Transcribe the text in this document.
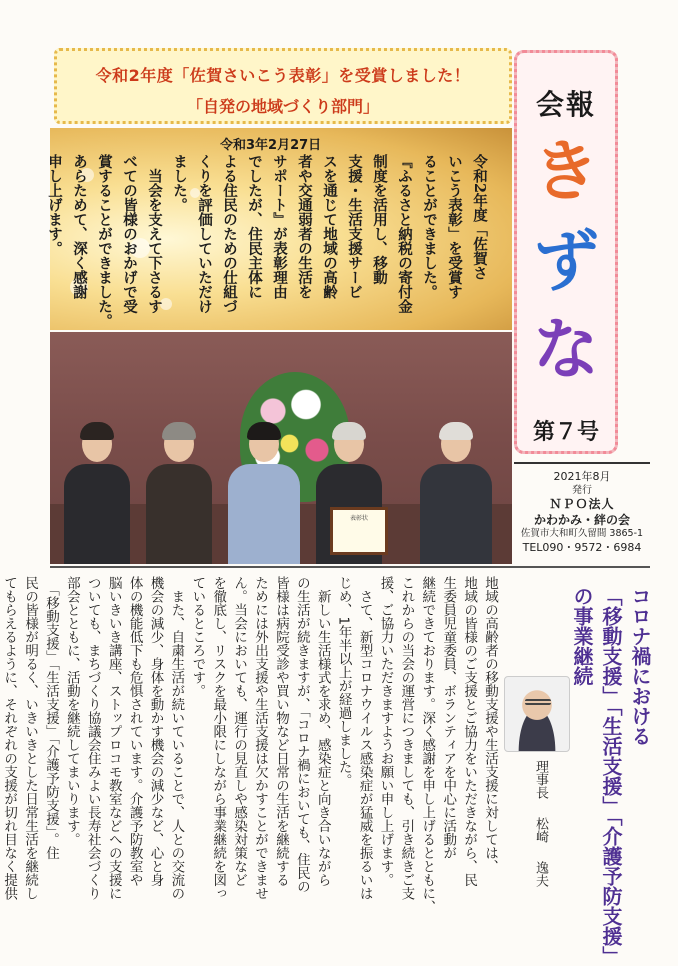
令和2年度「佐賀さいこう表彰」を受賞しました！
「自発の地域づくり部門」
令和3年2月27日
令和2年度「佐賀さ
いこう表彰」を受賞す
ることができました。
『ふるさと納税の寄付金
制度を活用し、移動
支援・生活支援サービ
スを通じて地域の高齢
者や交通弱者の生活を
サポート』が表彰理由
でしたが、住民主体に
よる住民のための仕組づ
くりを評価していただけ
ました。
　当会を支えて下さるす
べての皆様のおかげで受
賞することができました。
あらためて、深く感謝
申し上げます。
表彰状
会報
き
ず
な
第７号
2021年8月
発行
ＮＰＯ法人
かわかみ・絆の会
佐賀市大和町久留間 3865-1
TEL090・9572・6984
地域の高齢者の移動支援や生活支援に対しては、
地域の皆様のご支援とご協力をいただきながら、民
生委員児童委員、ボランティアを中心に活動が
継続できております。深く感謝を申し上げるとともに、
これからの当会の運営につきましても、引き続きご支
援、ご協力いただきますようお願い申し上げます。
　さて、新型コロナウイルス感染症が猛威を振るいは
じめ、1年半以上が経過しました。
　新しい生活様式を求め、感染症と向き合いながら
の生活が続きますが、「コロナ禍においても、住民の
皆様は病院受診や買い物など日常の生活を継続する
ためには外出支援や生活支援は欠かすことができませ
ん。当会においても、運行の見直しや感染対策など
を徹底し、リスクを最小限にしながら事業継続を図っ
ているところです。
　また、自粛生活が続いていることで、人との交流の
機会の減少、身体を動かす機会の減少など、心と身
体の機能低下も危惧されています。介護予防教室や
脳いきいき講座、ストップロコモ教室などへの支援に
ついても、まちづくり協議会住みよい長寿社会づくり
部会とともに、活動を継続してまいります。
　「移動支援」「生活支援」「介護予防支援」。住
民の皆様が明るく、いきいきとした日常生活を継続し
てもらえるように、それぞれの支援が切れ目なく提供	コロナ禍における
「移動支援」「生活支援」「介護予防支援」
の事業継続
理事長松崎逸夫
